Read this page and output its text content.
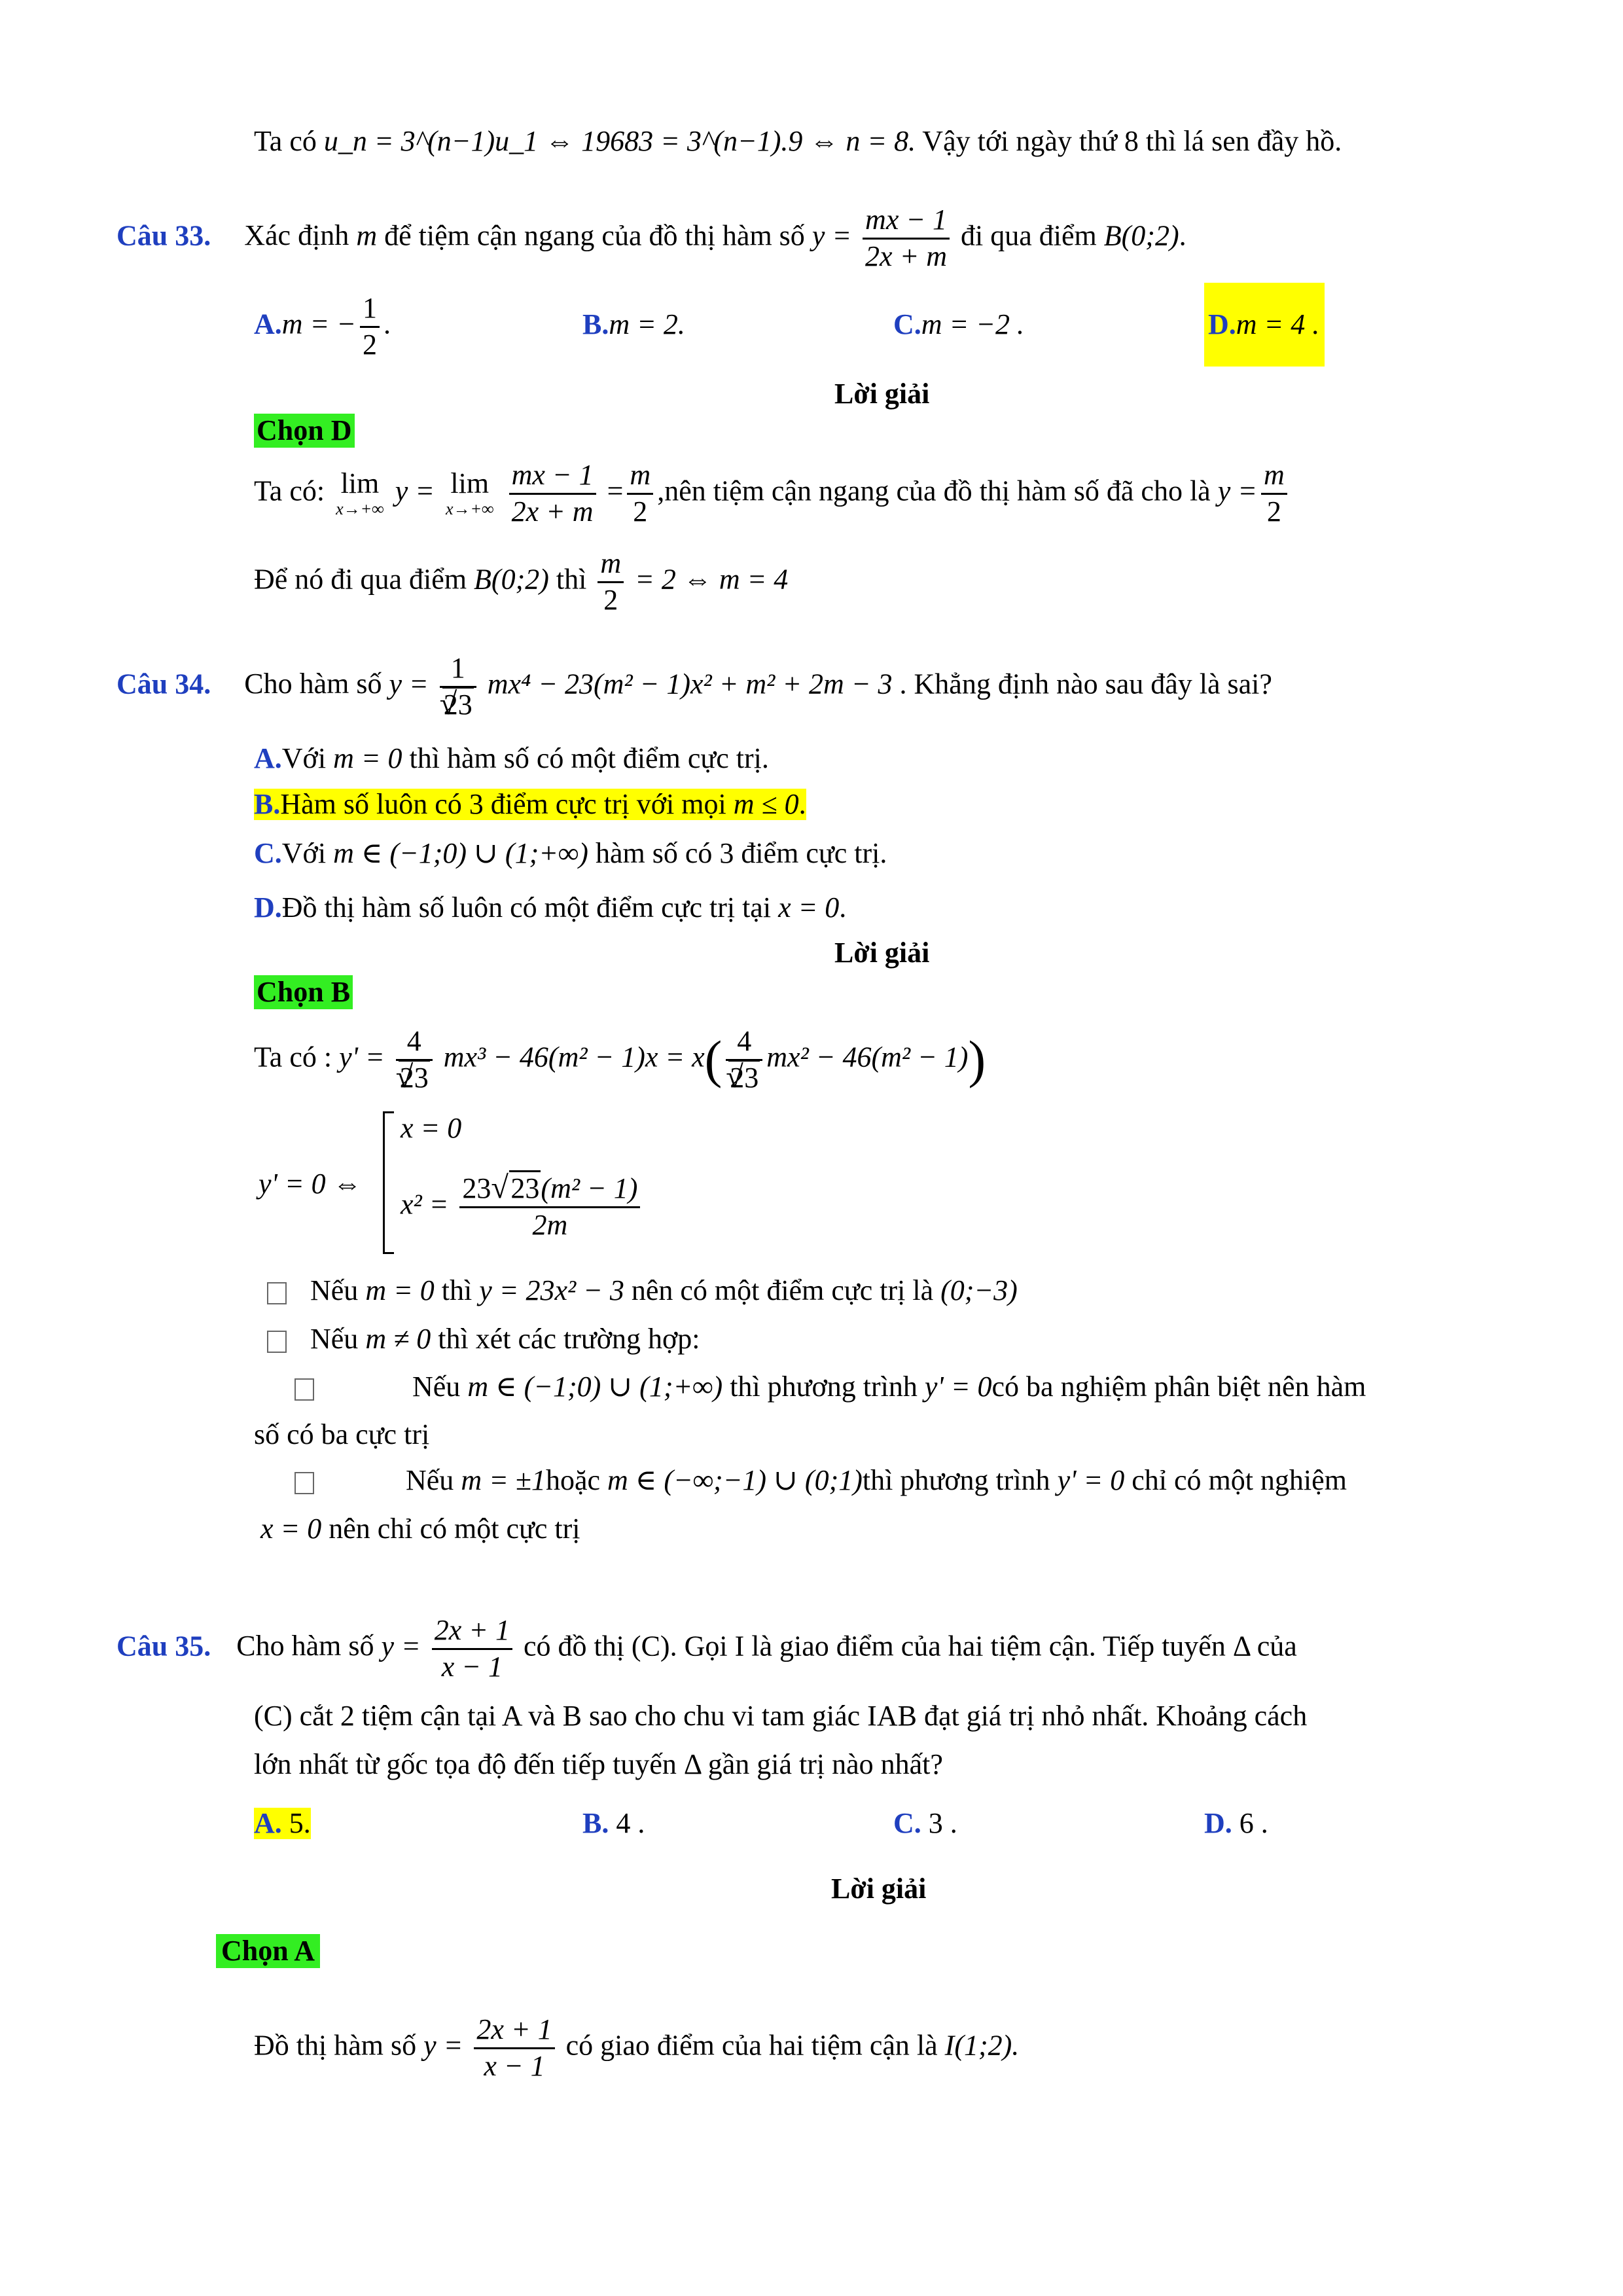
Ta có u_n = 3^(n−1)u_1 ⇔ 19683 = 3^(n−1).9 ⇔ n = 8. Vậy tới ngày thứ 8 thì lá sen đầy hồ.
Câu 33. Xác định m để tiệm cận ngang của đồ thị hàm số $y = \frac{mx - 1}{2x + m}$ đi qua điểm B(0;2).
A.m = − $\frac{1}{2}$ .	B.m = 2.	C.m = −2 .	D.m = 4 .
Lời giải
Chọn D
Ta có: lim
x→+∞
y = lim
x→+∞
$\frac{mx - 1}{2x + m} = \frac{m}{2}$ ,nên tiệm cận ngang của đồ thị hàm số đã cho là $y = \frac{m}{2}$
Để nó đi qua điểm B(0;2) thì $\frac{m}{2} = 2$ ⇔ m = 4
Câu 34. Cho hàm số y = 1
√ 23 mx⁴ − 23(m² − 1)x² + m² + 2m − 3 . Khẳng định nào sau đây là sai?
A.Với m = 0 thì hàm số có một điểm cực trị.
B.Hàm số luôn có 3 điểm cực trị với mọi m ≤ 0.
C.Với m ∈ (−1;0) ∪ (1;+∞) hàm số có 3 điểm cực trị.
D.Đồ thị hàm số luôn có một điểm cực trị tại x = 0.
Lời giải
Chọn B
Ta có : y' = 4
√ 23 mx³ − 46(m² − 1)x = x( 4
√ 23 mx² − 46(m² − 1))
y' = 0 ⇔
x = 0
$x^2 = \frac{\text{23√ 23(m² − 1)}}{2m}$
Nếu m = 0 thì y = 23x² − 3 nên có một điểm cực trị là (0;−3)
Nếu m ≠ 0 thì xét các trường hợp:
Nếu m ∈ (−1;0) ∪ (1;+∞) thì phương trình y' = 0có ba nghiệm phân biệt nên hàm
số có ba cực trị
Nếu m = ±1hoặc m ∈ (−∞;−1) ∪ (0;1)thì phương trình y' = 0 chỉ có một nghiệm
x = 0 nên chỉ có một cực trị
Câu 35. Cho hàm số $y = \frac{2x + 1}{x - 1}$ có đồ thị (C). Gọi I là giao điểm của hai tiệm cận. Tiếp tuyến Δ của
(C) cắt 2 tiệm cận tại A và B sao cho chu vi tam giác IAB đạt giá trị nhỏ nhất. Khoảng cách
lớn nhất từ gốc tọa độ đến tiếp tuyến Δ gần giá trị nào nhất?
A. 5.	B. 4 .	C. 3 .	D. 6 .
Lời giải
Chọn A
Đồ thị hàm số $y = \frac{2x + 1}{x - 1}$ có giao điểm của hai tiệm cận là I(1;2).
